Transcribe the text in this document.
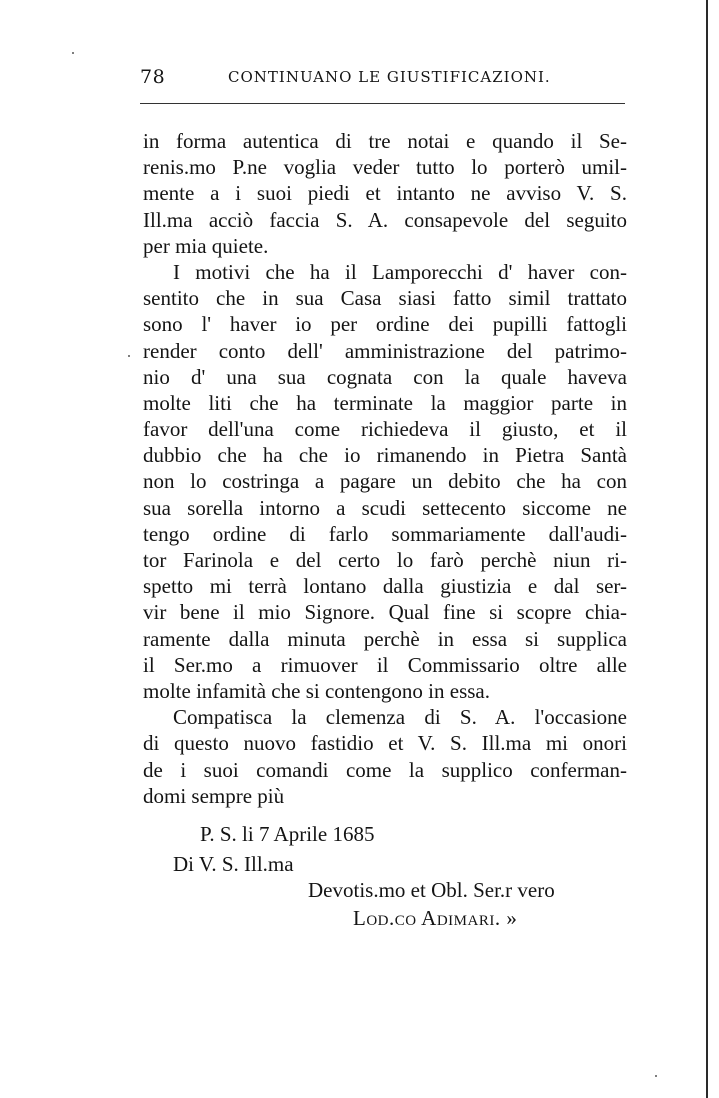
78	CONTINUANO LE GIUSTIFICAZIONI.
in forma autentica di tre notai e quando il Se-
renis.mo P.ne voglia veder tutto lo porterò umil-
mente a i suoi piedi et intanto ne avviso V. S.
Ill.ma acciò faccia S. A. consapevole del seguito
per mia quiete.
I motivi che ha il Lamporecchi d' haver con-
sentito che in sua Casa siasi fatto simil trattato
sono l' haver io per ordine dei pupilli fattogli
render conto dell' amministrazione del patrimo-
nio d' una sua cognata con la quale haveva
molte liti che ha terminate la maggior parte in
favor dell'una come richiedeva il giusto, et il
dubbio che ha che io rimanendo in Pietra Santà
non lo costringa a pagare un debito che ha con
sua sorella intorno a scudi settecento siccome ne
tengo ordine di farlo sommariamente dall'audi-
tor Farinola e del certo lo farò perchè niun ri-
spetto mi terrà lontano dalla giustizia e dal ser-
vir bene il mio Signore. Qual fine si scopre chia-
ramente dalla minuta perchè in essa si supplica
il Ser.mo a rimuover il Commissario oltre alle
molte infamità che si contengono in essa.
Compatisca la clemenza di S. A. l'occasione
di questo nuovo fastidio et V. S. Ill.ma mi onori
de i suoi comandi come la supplico conferman-
domi sempre più
P. S. li 7 Aprile 1685
Di V. S. Ill.ma
Devotis.mo et Obl. Ser.r vero
Lod.co Adimari. »
